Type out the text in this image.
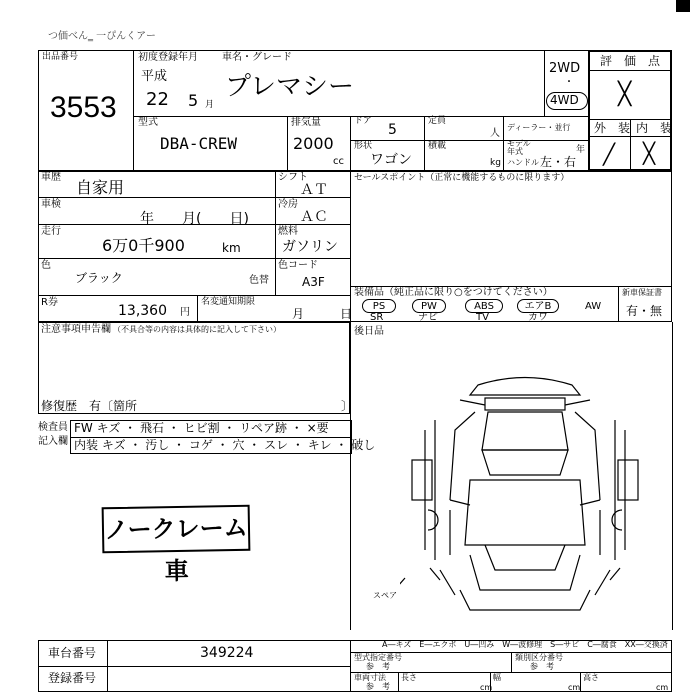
つ価べん‗ 一ぴんくアー
出品番号
3553
初度登録年月 車名・グレード
平成
22 5 月
プレマシー
2WD
・
4WD
評　価　点
╳
外　装 内　装
╱ ╳
型式
DBA-CREW
排気量
2000
cc
ドア
5
定員
人
ディーラー・並行
形状
ワゴン
積載
kg
モデル
年式	年
ハンドル 左・右
車歴
自家用
車検
年　　月(　　日)
走行
6万0千900	km
色
ブラック	色替
シフト
ＡＴ
冷房
ＡＣ
燃料
ガソリン
色コード
A3F
セールスポイント（正常に機能するものに限ります）
R券
13,360 円
名変通知期限
月　　　日
装備品（純正品に限り○をつけてください）	新車保証書
有・無
PS
SR
PW
ナビ
ABS
TV
エアB
カワ
AW
注意事項申告欄 （不具合等の内容は具体的に記入して下さい）
修復歴　有〔箇所	〕
後日品
検査員
記入欄
FW キズ ・ 飛石 ・ ヒビ割 ・ リペア跡 ・ ×要
内装 キズ ・ 汚し ・ コゲ ・ 穴 ・ スレ ・ キレ ・ 破し
ノークレーム車
スペア
A―キズ　E―エクボ　U―凹み　W―波修理　S―サビ　C―腐食　XX―交換済
車台番号	349224
登録番号
型式指定番号
参　考
類別区分番号
参　考
車両寸法
参　考
長さ
cm
幅
cm
高さ
cm
